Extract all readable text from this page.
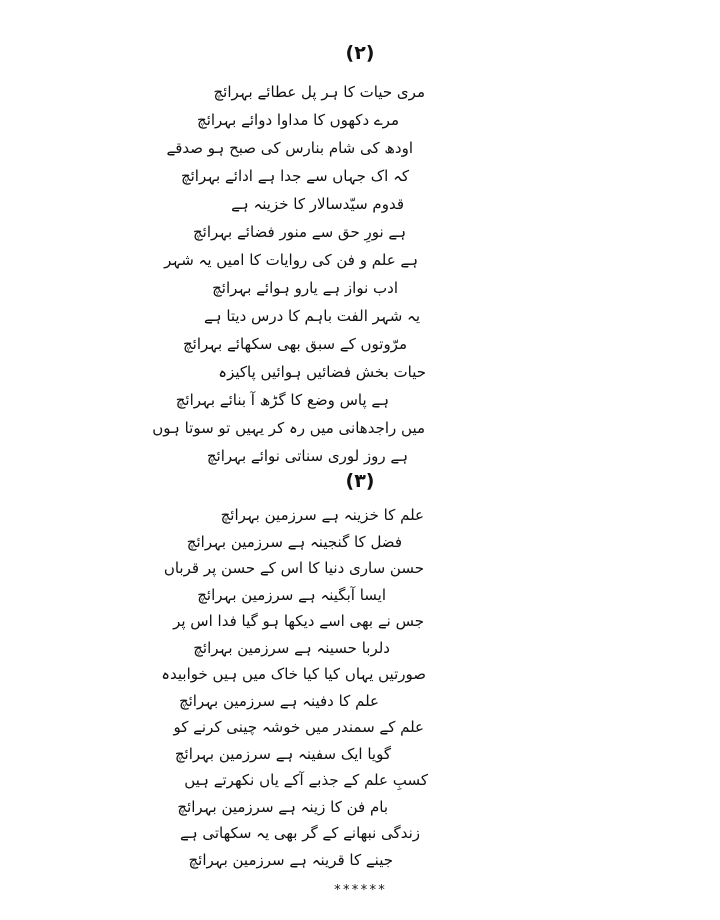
(۲)
مری حیات کا ہر پل عطائے بہرائچ
مرے دکھوں کا مداوا دوائے بہرائچ
اودھ کی شام بنارس کی صبح ہو صدقے
کہ اک جہاں سے جدا ہے ادائے بہرائچ
قدوم سیّدسالار کا خزینہ ہے
ہے نورِ حق سے منور فضائے بہرائچ
ہے علم و فن کی روایات کا امیں یہ شہر
ادب نواز ہے یارو ہوائے بہرائچ
یہ شہر الفت باہم کا درس دیتا ہے
مرّوتوں کے سبق بھی سکھائے بہرائچ
حیات بخش فضائیں ہوائیں پاکیزہ
ہے پاس وضع کا گڑھ آ بنائے بہرائچ
میں راجدھانی میں رہ کر یہیں تو سوتا ہوں
ہے روز لوری سناتی نوائے بہرائچ
(۳)
علم کا خزینہ ہے سرزمین بہرائچ
فضل کا گنجینہ ہے سرزمین بہرائچ
حسن ساری دنیا کا اس کے حسن پر قرباں
ایسا آبگینہ ہے سرزمین بہرائچ
جس نے بھی اسے دیکھا ہو گیا فدا اس پر
دلربا حسینہ ہے سرزمین بہرائچ
صورتیں یہاں کیا کیا خاک میں ہیں خوابیدہ
علم کا دفینہ ہے سرزمین بہرائچ
علم کے سمندر میں خوشہ چینی کرنے کو
گویا ایک سفینہ ہے سرزمین بہرائچ
کسبِ علم کے جذبے آکے یاں نکھرتے ہیں
بام فن کا زینہ ہے سرزمین بہرائچ
زندگی نبھانے کے گر بھی یہ سکھاتی ہے
جینے کا قرینہ ہے سرزمین بہرائچ
******
